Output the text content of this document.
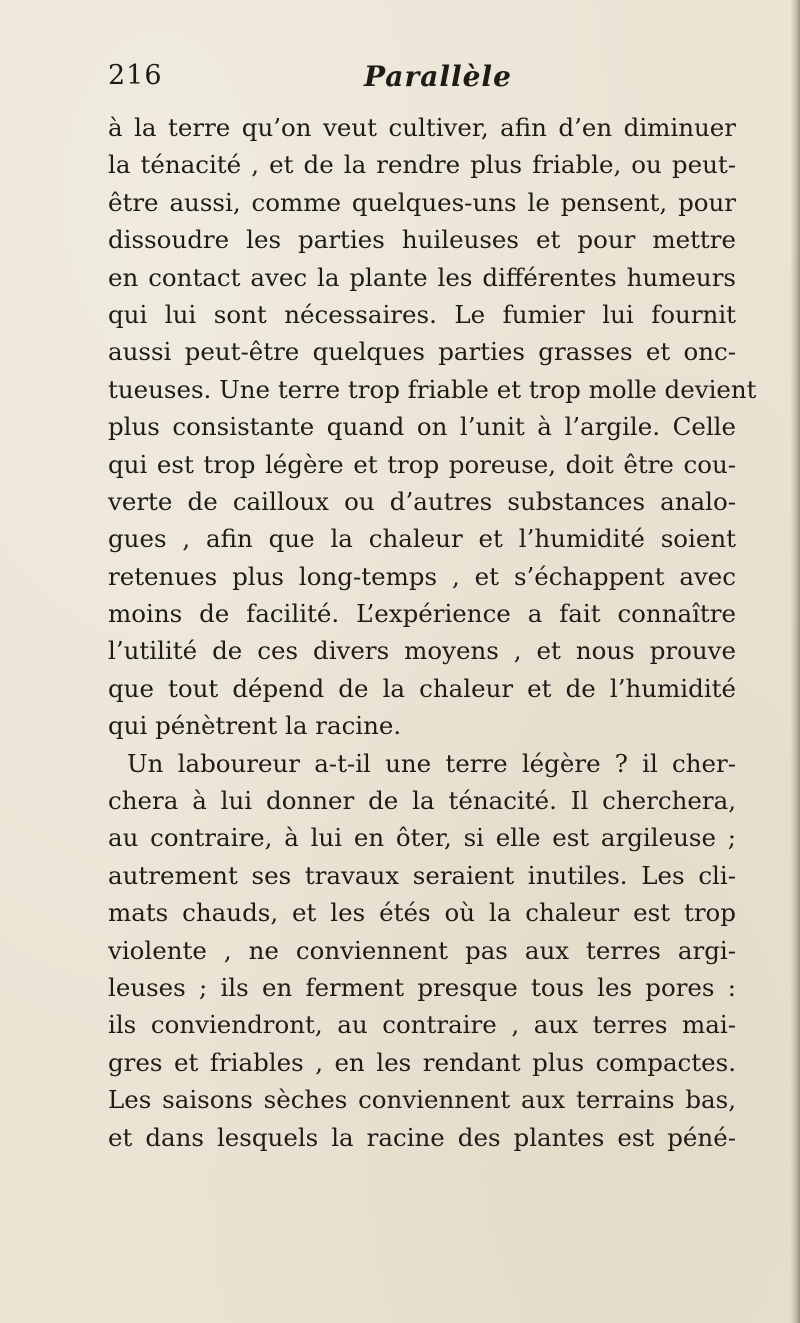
216	Parallèle
à la terre qu’on veut cultiver, afin d’en diminuer
la ténacité , et de la rendre plus friable, ou peut-
être aussi, comme quelques-uns le pensent, pour
dissoudre les parties huileuses et pour mettre
en contact avec la plante les différentes humeurs
qui lui sont nécessaires. Le fumier lui fournit
aussi peut-être quelques parties grasses et onc-
tueuses. Une terre trop friable et trop molle devient
plus consistante quand on l’unit à l’argile. Celle
qui est trop légère et trop poreuse, doit être cou-
verte de cailloux ou d’autres substances analo-
gues , afin que la chaleur et l’humidité soient
retenues plus long-temps , et s’échappent avec
moins de facilité. L’expérience a fait connaître
l’utilité de ces divers moyens , et nous prouve
que tout dépend de la chaleur et de l’humidité
qui pénètrent la racine.
Un laboureur a-t-il une terre légère ? il cher-
chera à lui donner de la ténacité. Il cherchera,
au contraire, à lui en ôter, si elle est argileuse ;
autrement ses travaux seraient inutiles. Les cli-
mats chauds, et les étés où la chaleur est trop
violente , ne conviennent pas aux terres argi-
leuses ; ils en ferment presque tous les pores :
ils conviendront, au contraire , aux terres mai-
gres et friables , en les rendant plus compactes.
Les saisons sèches conviennent aux terrains bas,
et dans lesquels la racine des plantes est péné-
